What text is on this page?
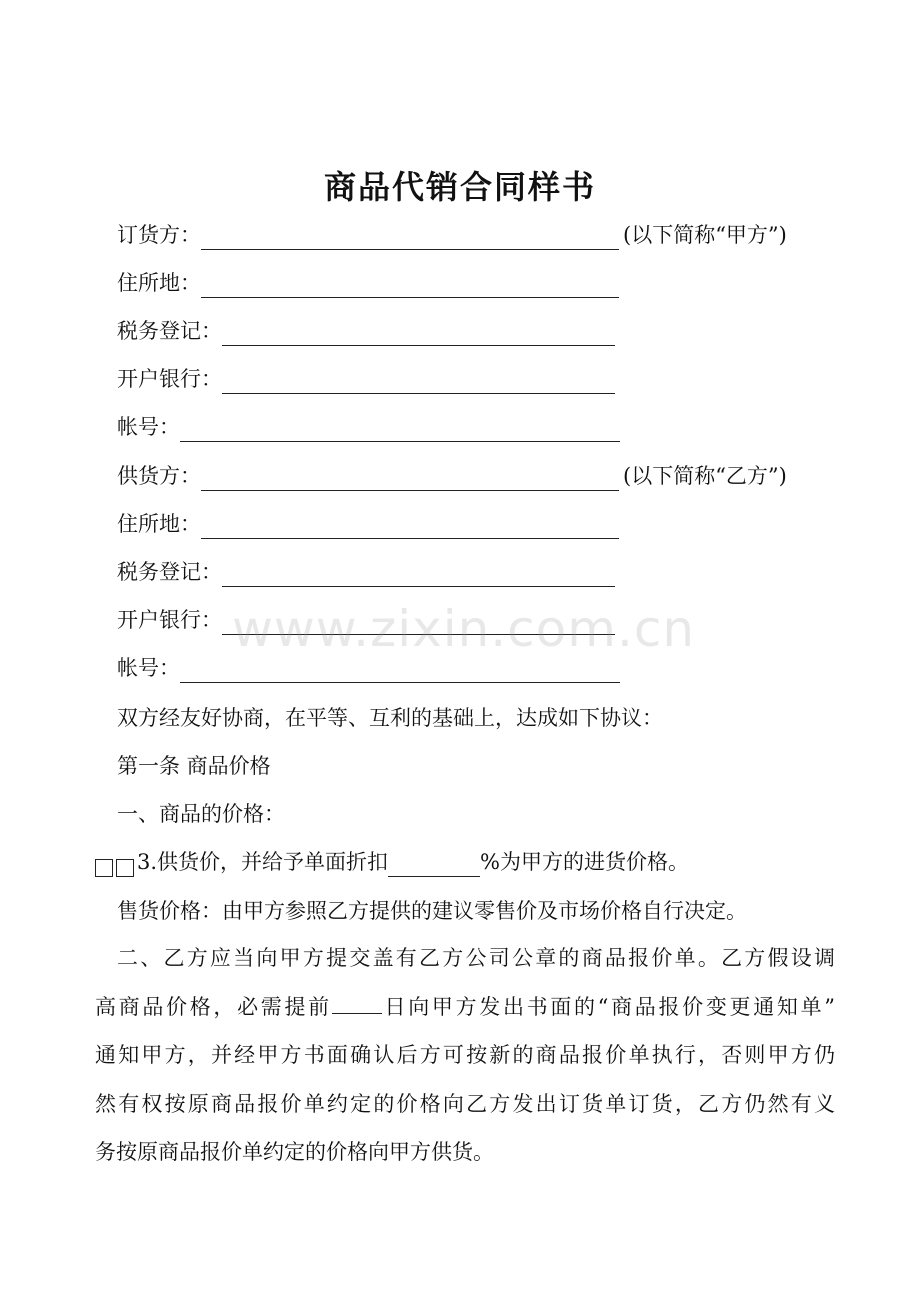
商品代销合同样书
订货方：	(以下简称“甲方”)
住所地：
税务登记：
开户银行：
帐号：
供货方：	(以下简称“乙方”)
住所地：
税务登记：
开户银行：
帐号：
www.zixin.com.cn
双方经友好协商，在平等、互利的基础上，达成如下协议：
第一条 商品价格
一、商品的价格：
3.供货价，并给予单面折扣	%为甲方的进货价格。
售货价格：由甲方参照乙方提供的建议零售价及市场价格自行决定。
二、乙方应当向甲方提交盖有乙方公司公章的商品报价单。乙方假设调
高商品价格，必需提前 日向甲方发出书面的“商品报价变更通知单”
通知甲方，并经甲方书面确认后方可按新的商品报价单执行，否则甲方仍
然有权按原商品报价单约定的价格向乙方发出订货单订货，乙方仍然有义
务按原商品报价单约定的价格向甲方供货。
